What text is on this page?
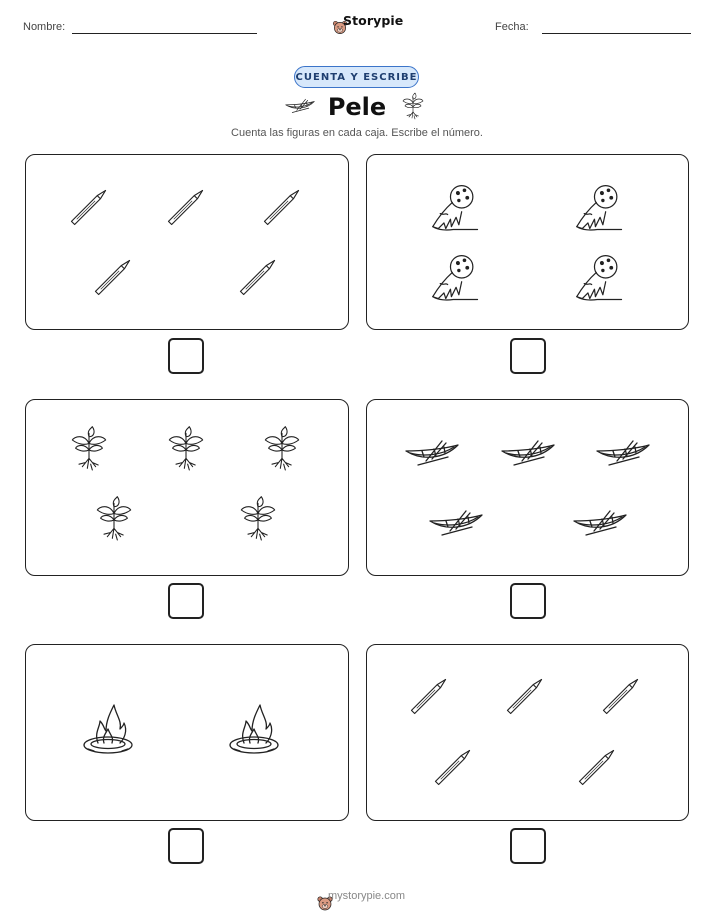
Nombre:	Storypie	Fecha:
CUENTA Y ESCRIBE
Pele
Cuenta las figuras en cada caja. Escribe el número.
mystorypie.com
